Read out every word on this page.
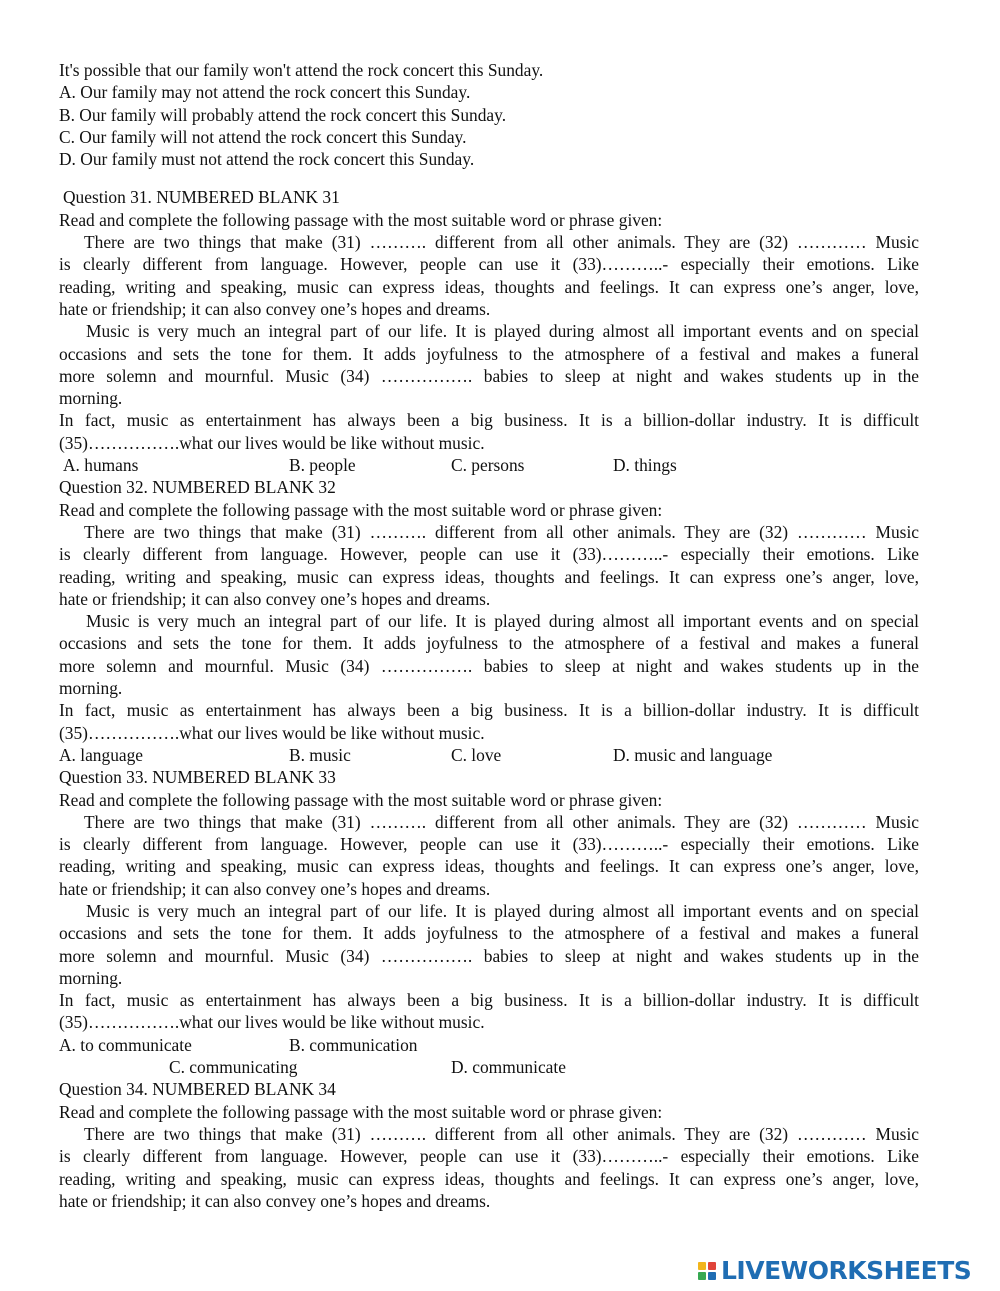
It's possible that our family won't attend the rock concert this Sunday.
A. Our family may not attend the rock concert this Sunday.
B. Our family will probably attend the rock concert this Sunday.
C. Our family will not attend the rock concert this Sunday.
D. Our family must not attend the rock concert this Sunday.
Question 31. NUMBERED BLANK 31
Read and complete the following passage with the most suitable word or phrase given:
There are two things that make (31) ………. different from all other animals. They are (32) ………… Music
is clearly different from language. However, people can use it (33)………..- especially their emotions. Like
reading, writing and speaking, music can express ideas, thoughts and feelings. It can express one’s anger, love,
hate or friendship; it can also convey one’s hopes and dreams.
Music is very much an integral part of our life. It is played during almost all important events and on special
occasions and sets the tone for them. It adds joyfulness to the atmosphere of a festival and makes a funeral
more solemn and mournful. Music (34) ……………. babies to sleep at night and wakes students up in the
morning.
In fact, music as entertainment has always been a big business. It is a billion-dollar industry. It is difficult
(35)…………….what our lives would be like without music.
A. humans	B. people	C. persons	D. things
Question 32. NUMBERED BLANK 32
Read and complete the following passage with the most suitable word or phrase given:
There are two things that make (31) ………. different from all other animals. They are (32) ………… Music
is clearly different from language. However, people can use it (33)………..- especially their emotions. Like
reading, writing and speaking, music can express ideas, thoughts and feelings. It can express one’s anger, love,
hate or friendship; it can also convey one’s hopes and dreams.
Music is very much an integral part of our life. It is played during almost all important events and on special
occasions and sets the tone for them. It adds joyfulness to the atmosphere of a festival and makes a funeral
more solemn and mournful. Music (34) ……………. babies to sleep at night and wakes students up in the
morning.
In fact, music as entertainment has always been a big business. It is a billion-dollar industry. It is difficult
(35)…………….what our lives would be like without music.
A. language	B. music	C. love	D. music and language
Question 33. NUMBERED BLANK 33
Read and complete the following passage with the most suitable word or phrase given:
There are two things that make (31) ………. different from all other animals. They are (32) ………… Music
is clearly different from language. However, people can use it (33)………..- especially their emotions. Like
reading, writing and speaking, music can express ideas, thoughts and feelings. It can express one’s anger, love,
hate or friendship; it can also convey one’s hopes and dreams.
Music is very much an integral part of our life. It is played during almost all important events and on special
occasions and sets the tone for them. It adds joyfulness to the atmosphere of a festival and makes a funeral
more solemn and mournful. Music (34) ……………. babies to sleep at night and wakes students up in the
morning.
In fact, music as entertainment has always been a big business. It is a billion-dollar industry. It is difficult
(35)…………….what our lives would be like without music.
A. to communicate	B. communication
C. communicating	D. communicate
Question 34. NUMBERED BLANK 34
Read and complete the following passage with the most suitable word or phrase given:
There are two things that make (31) ………. different from all other animals. They are (32) ………… Music
is clearly different from language. However, people can use it (33)………..- especially their emotions. Like
reading, writing and speaking, music can express ideas, thoughts and feelings. It can express one’s anger, love,
hate or friendship; it can also convey one’s hopes and dreams.
LIVEWORKSHEETS
